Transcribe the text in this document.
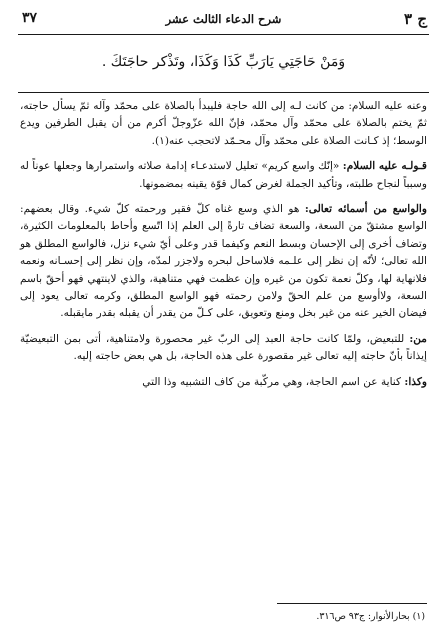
ج ٣
شرح الدعاء الثالث عشر
٣٧
وَمَنْ حَاجَتِي يَارَبِّ كَذَا وَكَذَا، وتَذْكر حاجَتَكَ .

وعنه عليه السلام: من كانت لـه إلى الله حاجة فليبدأ بالصلاة على محمّد وآله ثمّ يسأل حاجته، ثمّ يختم بالصلاة على محمّد وآل محمّد، فإنّ الله عزّوجلّ أكرم من أن يقبل الطرفين ويدع الوسط؛ إذ كـانت الصلاة على محمّد وآل محـمّد لاتحجب عنه(١).

قـولـه عليه السلام: «إنّك واسع كريم» تعليل لاستدعـاء إدامة صلاته واستمرارها وجعلها عوناً له وسبباً لنجاح طلبته، وتأكيد الجملة لغرض كمال قوّة يقينه بمضمونها.

والواسع من أسمائه تعالى: هو الذي وسع غناه كلّ فقير ورحمته كلّ شيء. وقال بعضهم: الواسع مشتقّ من السعة، والسعة تضاف تارةً إلى العلم إذا اتّسع وأحاط بالمعلومات الكثيرة، وتضاف أخرى إلى الإحسان وبسط النعم وكيفما قدر وعلى أيّ شيء نزل، فالواسع المطلق هو الله تعالى؛ لأنّه إن نظر إلى علـمه فلاساحل لبحره ولاجزر لمدّه، وإن نظر إلى إحسـانه ونعمه فلانهاية لها، وكلّ نعمة تكون من غيره وإن عظمت فهي متناهية، والذي لاينتهي فهو أحقّ باسم السعة، ولاأوسع من علم الحقّ ولامن رحمته فهو الواسع المطلق، وكرمه تعالى يعود إلى فيضان الخير عنه من غير بخل ومنع وتعويق، على كـلّ من يقدر أن يقبله بقدر مايقبله.

من: للتبعيض، ولمّا كانت حاجة العبد إلى الربّ غير محصورة ولامتناهية، أتى بمن التبعيضيّة إيذاناً بأنّ حاجته إليه تعالى غير مقصورة على هذه الحاجة، بل هي بعض حاجته إليه.

وكذا: كناية عن اسم الحاجة، وهي مركّبة من كاف التشبيه وذا التي

(١) بحارالأنوار: ج٩٣ ص٣١٦.
